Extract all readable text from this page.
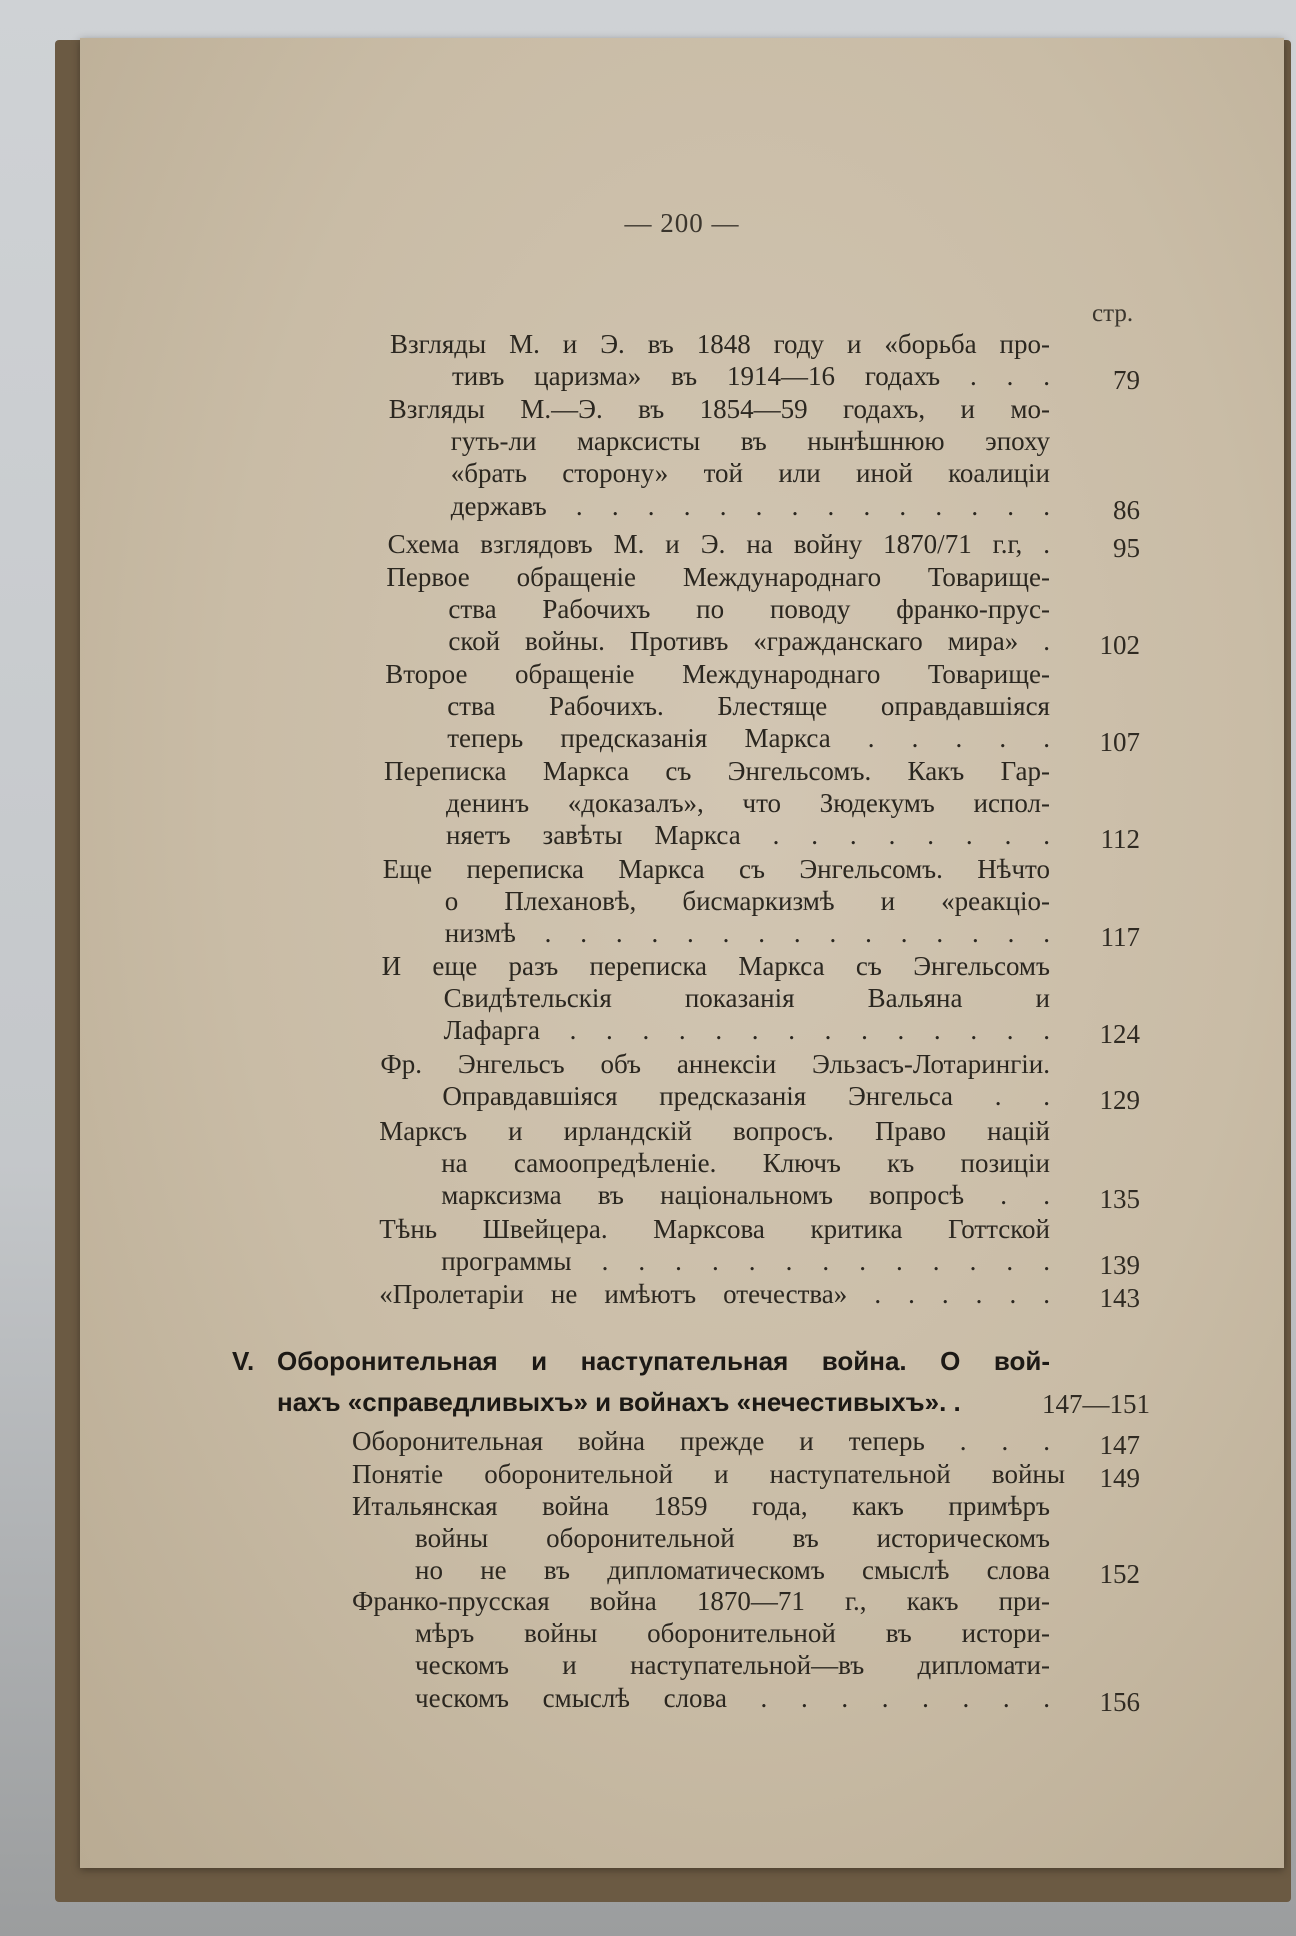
— 200 —
стр.
Взгляды М. и Э. въ 1848 году и «борьба про-
тивъ царизма» въ 1914—16 годахъ . . .	79
Взгляды М.—Э. въ 1854—59 годахъ, и мо-
гуть-ли марксисты въ нынѣшнюю эпоху
«брать сторону» той или иной коалиціи
державъ . . . . . . . . . . . . . .	86
Схема взглядовъ М. и Э. на войну 1870/71 г.г, .	95
Первое обращеніе Международнаго Товарище-
ства Рабочихъ по поводу франко-прус-
ской войны. Противъ «гражданскаго мира» .	102
Второе обращеніе Международнаго Товарище-
ства Рабочихъ. Блестяще оправдавшіяся
теперь предсказанія Маркса . . . . .	107
Переписка Маркса съ Энгельсомъ. Какъ Гар-
денинъ «доказалъ», что Зюдекумъ испол-
няетъ завѣты Маркса . . . . . . . .	112
Еще переписка Маркса съ Энгельсомъ. Нѣчто
о Плехановѣ, бисмаркизмѣ и «реакціо-
низмѣ . . . . . . . . . . . . . . .	117
И еще разъ переписка Маркса съ Энгельсомъ
Свидѣтельскія показанія Вальяна и
Лафарга . . . . . . . . . . . . . .	124
Фр. Энгельсъ объ аннексіи Эльзасъ-Лотарингіи.
Оправдавшіяся предсказанія Энгельса . .	129
Марксъ и ирландскій вопросъ. Право націй
на самоопредѣленіе. Ключъ къ позиціи
марксизма въ національномъ вопросѣ . .	135
Тѣнь Швейцера. Марксова критика Готтской
программы . . . . . . . . . . . . .	139
«Пролетаріи не имѣютъ отечества» . . . . . .	143
V. Оборонительная и наступательная война. О вой-
нахъ «справедливыхъ» и войнахъ «нечестивыхъ». .	147—151
Оборонительная война прежде и теперь . . .	147
Понятіе оборонительной и наступательной войны	149
Итальянская война 1859 года, какъ примѣръ
войны оборонительной въ историческомъ
но не въ дипломатическомъ смыслѣ слова	152
Франко-прусская война 1870—71 г., какъ при-
мѣръ войны оборонительной въ истори-
ческомъ и наступательной—въ дипломати-
ческомъ смыслѣ слова . . . . . . . .	156
